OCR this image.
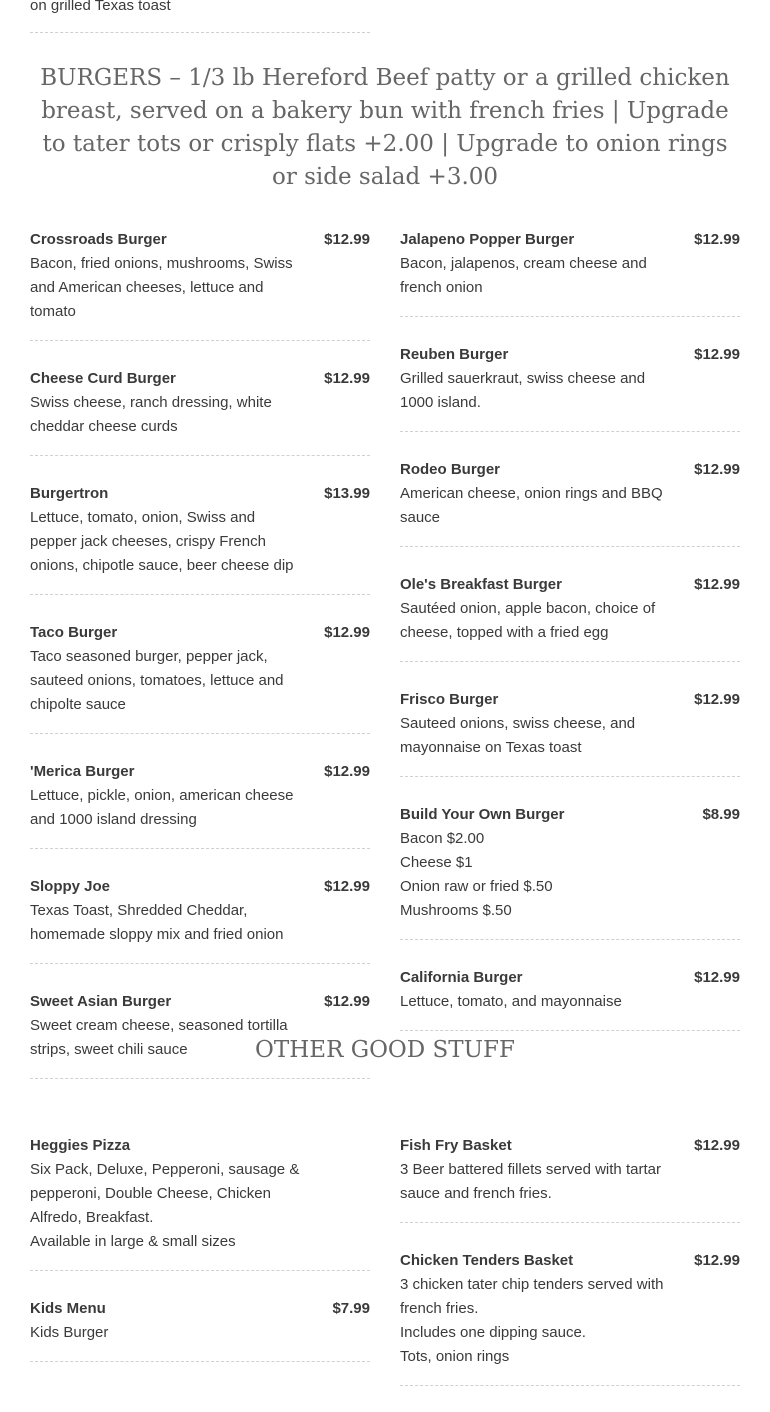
on grilled Texas toast
BURGERS – 1/3 lb Hereford Beef patty or a grilled chicken breast, served on a bakery bun with french fries | Upgrade to tater tots or crisply flats +2.00 | Upgrade to onion rings or side salad +3.00
Crossroads Burger	$12.99
Bacon, fried onions, mushrooms, Swiss and American cheeses, lettuce and tomato
Cheese Curd Burger	$12.99
Swiss cheese, ranch dressing, white cheddar cheese curds
Burgertron	$13.99
Lettuce, tomato, onion, Swiss and pepper jack cheeses, crispy French onions, chipotle sauce, beer cheese dip
Taco Burger	$12.99
Taco seasoned burger, pepper jack, sauteed onions, tomatoes, lettuce and chipolte sauce
'Merica Burger	$12.99
Lettuce, pickle, onion, american cheese and 1000 island dressing
Sloppy Joe	$12.99
Texas Toast, Shredded Cheddar, homemade sloppy mix and fried onion
Sweet Asian Burger	$12.99
Sweet cream cheese, seasoned tortilla strips, sweet chili sauce
Jalapeno Popper Burger	$12.99
Bacon, jalapenos, cream cheese and french onion
Reuben Burger	$12.99
Grilled sauerkraut, swiss cheese and 1000 island.
Rodeo Burger	$12.99
American cheese, onion rings and BBQ sauce
Ole's Breakfast Burger	$12.99
Sautéed onion, apple bacon, choice of cheese, topped with a fried egg
Frisco Burger	$12.99
Sauteed onions, swiss cheese, and mayonnaise on Texas toast
Build Your Own Burger	$8.99
Bacon $2.00
Cheese $1
Onion raw or fried $.50
Mushrooms $.50
California Burger	$12.99
Lettuce, tomato, and mayonnaise
OTHER GOOD STUFF
Heggies Pizza
Six Pack, Deluxe, Pepperoni, sausage & pepperoni, Double Cheese, Chicken Alfredo, Breakfast.
Available in large & small sizes
Kids Menu	$7.99
Kids Burger
Fish Fry Basket	$12.99
3 Beer battered fillets served with tartar sauce and french fries.
Chicken Tenders Basket	$12.99
3 chicken tater chip tenders served with french fries.
Includes one dipping sauce.
Tots, onion rings
